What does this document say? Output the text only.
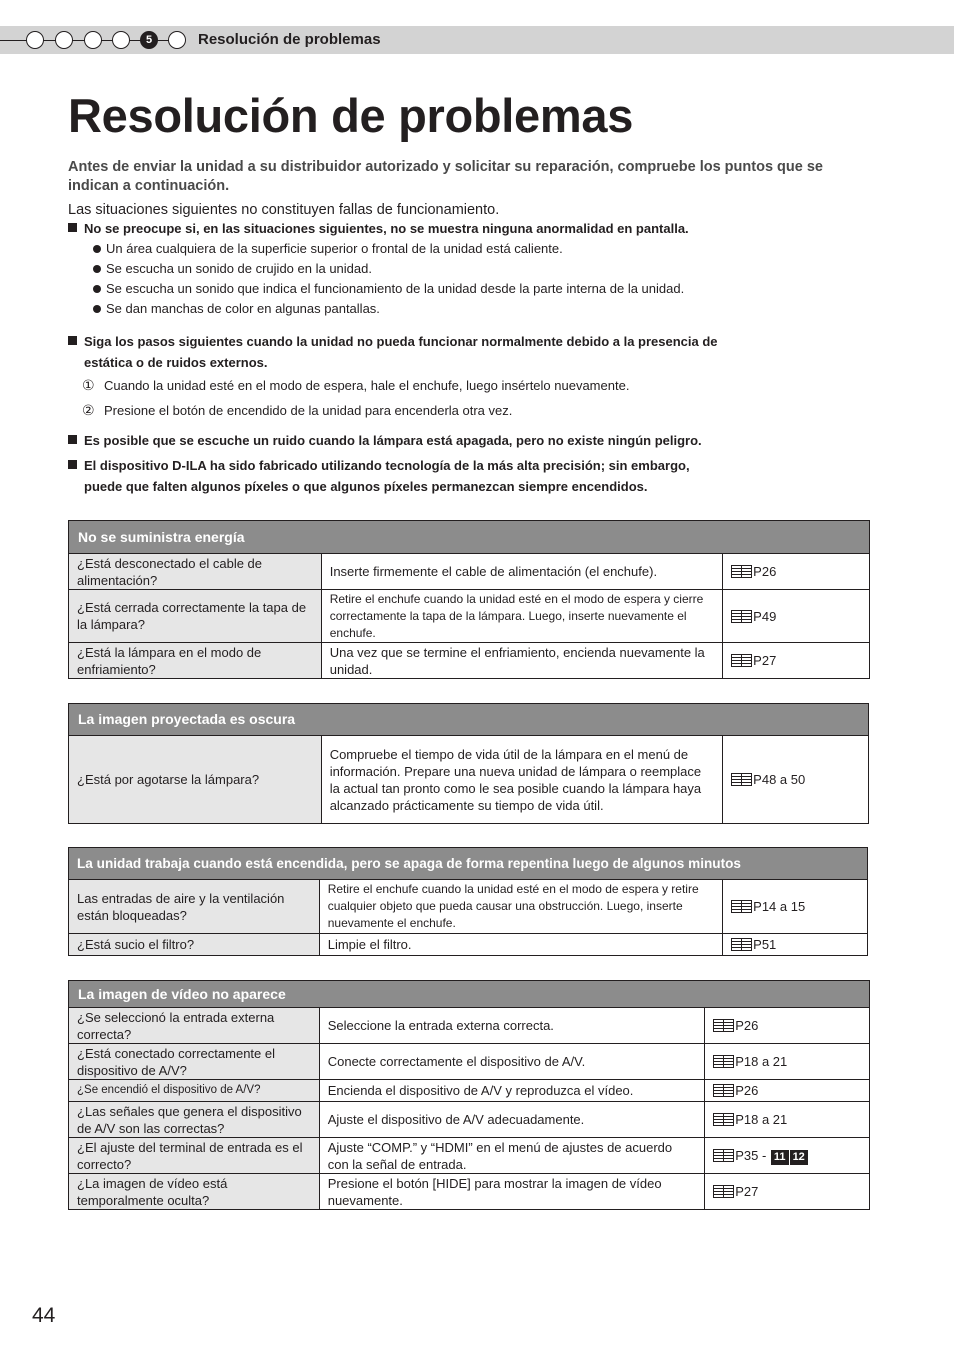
5	Resolución de problemas
Resolución de problemas
Antes de enviar la unidad a su distribuidor autorizado y solicitar su reparación, compruebe los puntos que se indican a continuación.
Las situaciones siguientes no constituyen fallas de funcionamiento.
No se preocupe si, en las situaciones siguientes, no se muestra ninguna anormalidad en pantalla.
Un área cualquiera de la superficie superior o frontal de la unidad está caliente.
Se escucha un sonido de crujido en la unidad.
Se escucha un sonido que indica el funcionamiento de la unidad desde la parte interna de la unidad.
Se dan manchas de color en algunas pantallas.
Siga los pasos siguientes cuando la unidad no pueda funcionar normalmente debido a la presencia de
estática o de ruidos externos.
① Cuando la unidad esté en el modo de espera, hale el enchufe, luego insértelo nuevamente.
② Presione el botón de encendido de la unidad para encenderla otra vez.
Es posible que se escuche un ruido cuando la lámpara está apagada, pero no existe ningún peligro.
El dispositivo D-ILA ha sido fabricado utilizando tecnología de la más alta precisión; sin embargo,
puede que falten algunos píxeles o que algunos píxeles permanezcan siempre encendidos.
No se suministra energía		
¿Está desconectado el cable de alimentación?	Inserte firmemente el cable de alimentación (el enchufe).	P26
¿Está cerrada correctamente la tapa de la lámpara?	Retire el enchufe cuando la unidad esté en el modo de espera y cierre correctamente la tapa de la lámpara. Luego, inserte nuevamente el enchufe.	P49
¿Está la lámpara en el modo de enfriamiento?	Una vez que se termine el enfriamiento, encienda nuevamente la unidad.	P27
La imagen proyectada es oscura
¿Está por agotarse la lámpara?	Compruebe el tiempo de vida útil de la lámpara en el menú de información. Prepare una nueva unidad de lámpara o reemplace la actual tan pronto como le sea posible cuando la lámpara haya alcanzado prácticamente su tiempo de vida útil.	P48 a 50
La unidad trabaja cuando está encendida, pero se apaga de forma repentina luego de algunos minutos		
Las entradas de aire y la ventilación están bloqueadas?	Retire el enchufe cuando la unidad esté en el modo de espera y retire cualquier objeto que pueda causar una obstrucción. Luego, inserte nuevamente el enchufe.	P14 a 15
¿Está sucio el filtro?	Limpie el filtro.	P51
La imagen de vídeo no aparece		
¿Se seleccionó la entrada externa correcta?	Seleccione la entrada externa correcta.	P26
¿Está conectado correctamente el dispositivo de A/V?	Conecte correctamente el dispositivo de A/V.	P18 a 21
¿Se encendió el dispositivo de A/V?	Encienda el dispositivo de A/V y reproduzca el vídeo.	P26
¿Las señales que genera el dispositivo de A/V son las correctas?	Ajuste el dispositivo de A/V adecuadamente.	P18 a 21
¿El ajuste del terminal de entrada es el correcto?	Ajuste “COMP.” y “HDMI” en el menú de ajustes de acuerdo con la señal de entrada.	P35 - 11 12
¿La imagen de vídeo está temporalmente oculta?	Presione el botón [HIDE] para mostrar la imagen de vídeo nuevamente.	P27
44
